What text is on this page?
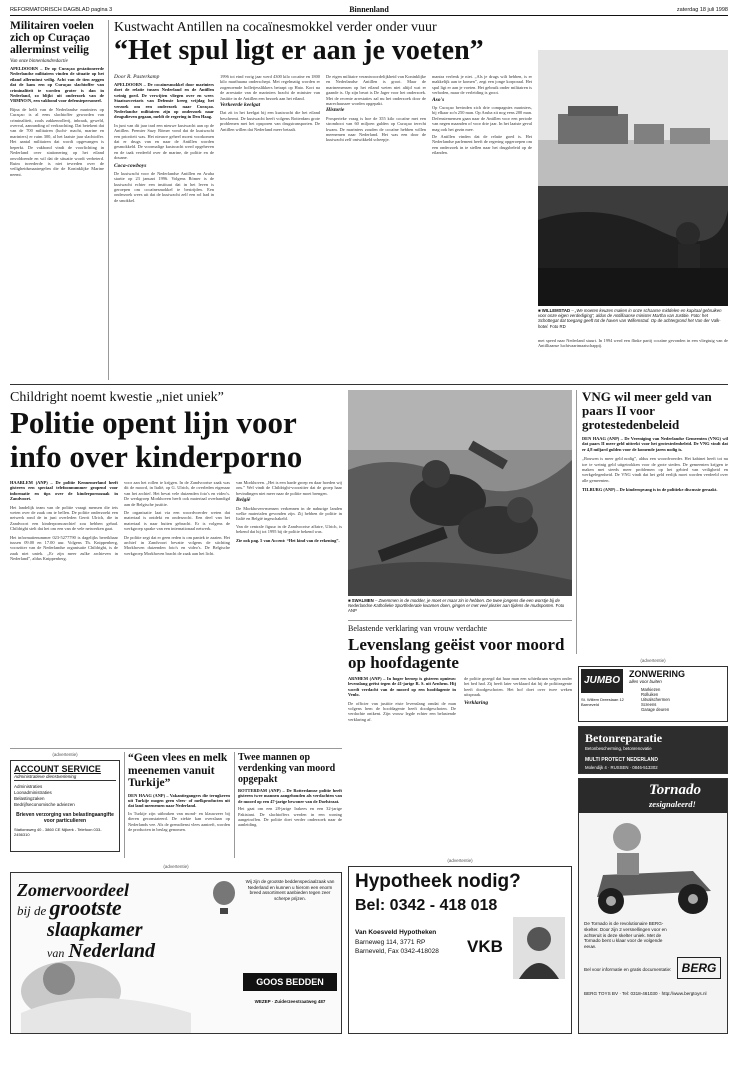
REFORMATORISCH DAGBLAD pagina 3	Binnenland	zaterdag 18 juli 1998
Militairen voelen zich op Curaçao allerminst veilig
Van onze binnenlandredactie
APELDOORN – De op Curaçao gestationeerde Nederlandse militairen vinden de situatie op het eiland allerminst veilig. Acht van de tien zeggen dat de kans een op Curaçao slachtoffer van criminaliteit te worden groter is dan in Nederland, zo blijkt uit onderzoek van de VBMNO/N, een vakbond voor defensiepersoneel.
Bijna de helft van de Nederlandse mariniers op Curaçao is al eens slachtoffer geworden van criminaliteit, zoals zakkenrollerij, inbraak, geweld, overval, aanranding of verkrachting. Dat betekent dat van de 700 militairen (lucht- macht, marine en mariniers) er ruim 300, al het laatste jaar slachtoffer. Het aantal militairen dat wordt opgevangen is beperkt. De vakbond vindt de voorlichting in Nederland over stationering op het eiland onvoldoende en wil dat de situatie wordt verbeterd. Ruim tweederde is niet tevreden over de veiligheidsmaatregelen die de Koninklijke Marine neemt.
Kustwacht Antillen na cocaïnesmokkel verder onder vuur
“Het spul ligt er aan je voeten”
Door R. Pasterkamp
APELDOORN – De cocaïnesmokkel door mariniers doet de relatie tussen Nederland en de Antillen weinig goed. De verwijten vliegen over en weer. Staatssecretaris van Defensie kreeg vrijdag het verzoek om een onderzoek naar Curaçao. Nederlandse militairen zijn op onderzoek naar drugsdieven gegaan, meldt de regering in Den Haag.
In juni van dit jaar trad een nieuwe kustwacht aan op de Antillen. Premier Suzy Römer vond dat de kustwacht een prioriteit was. Het nieuwe geheel moest voorkomen dat er drugs van en naar de Antillen worden gesmokkeld. De voormalige kustwacht werd opgeheven en de taak verdeeld over de marine, de politie en de douane.
Coca-cowboys
De kustwacht voor de Nederlandse Antillen en Aruba startte op 23 januari 1996. Volgens Römer is de kustwacht echter een instituut dat in het leven is geroepen om cocaïnesmokkel te bestrijden. Een onderzoek wees uit dat de kustwacht zelf een rol had in de smokkel.
1996 tot eind vorig jaar werd 4300 kilo cocaïne en 1800 kilo marihuana onderschept. Met regelmatig worden er zogenoemde bolletjesslikkers betrapt op Hato. Kort na de arrestatie van de mariniers bracht de minister van Justitie in de Antillen een bezoek aan het eiland.
Verkeerde keelgat
Dat zit in het keelgat bij een kustwacht die het eiland beschermt. De kustwacht heeft volgens Rotterdam grote problemen met het opsporen van drugstransporten. De Antillen willen dat Nederland meer betaalt.
De eigen militaire verantwoordelijkheid van Koninklijke en Nederlandse Antillen is groot. Maar de marinemensen op het eiland weten niet altijd wat er gaande is. Op zijn beurt is De Jager voor het onderzoek. Met de recente arrestaties zal nu het onderzoek door de marechaussee worden opgepakt.
Historie
Prosperieke vraag is hoe de 355 kilo cocaïne met een stromboot van 60 miljoen gulden op Curaçao terecht kwam. De mariniers zouden de cocaïne hebben willen meenemen naar Nederland. Het was een door de kustwacht zelf ontwikkeld scheepje.
mantra verlenk je niet. „Als je drugs wilt hebben, is er makkelijk aan te komen”, zegt een jonge korporaal. Het spul ligt er aan je voeten. Het gebruik onder militairen is verboden, maar de verleiding is groot.
Aso's
Op Curaçao bevinden zich drie compagnies mariniers, bij elkaar zo'n 250 man. Op Aruba zit nog eens 200 man. Defensiemensen gaan naar de Antillen voor een periode van negen maanden of voor drie jaar. In het laatste geval mag ook het gezin mee.
De Antillen vinden dat de relatie goed is. Het Nederlandse parlement heeft de regering opgeroepen om een onderzoek in te stellen naar het drugsbeleid op de eilanden.
■ WILLEMSTAD – „We moeten keuzes maken in onze schaarse middelen en kapitaal gebruiken voor onze eigen verdediging”, aldus de Antilliaanse minister Martha van Justitie. Foto: het Schottegat dat toegang geeft tot de haven van Willemstad. Op de achtergrond het Van der Valk-hotel. Foto RD
met speed naar Nederland stuurt. In 1994 werd een flinke partij cocaïne gevonden in een vliegtuig van de Antilliaanse luchtvaartmaatschappij.
Childright noemt kwestie „niet uniek”
Politie opent lijn voor info over kinderporno
HAARLEM (ANP) – De politie Kennemerland heeft gisteren een speciaal telefoonnummer geopend voor informatie en tips over de kinderpornozaak in Zandvoort.
Het landelijk team van de politie vraagt mensen die iets weten over de zaak om te bellen. De politie onderzoekt een netwerk rond de in juni overleden Gerrit Ulrich, die in Zandvoort een kinderpornoarchief zou hebben gehad. Childright stelt dat het om een van de vele netwerken gaat.
Het informatienummer 023-5277790 is dagelijks bereikbaar tussen 09.00 en 17.00 uur. Volgens Th. Knippenberg, voorzitter van de Nederlandse organisatie Childright, is de zaak niet uniek. „Er zijn meer zulke archieven in Nederland”, aldus Knippenberg.
voor aan het rollen te krijgen. In de Zandvoortse zaak was dit de moord, in Italië, op G. Ulrich, de overleden eigenaar van het archief. Het bevat vele duizenden foto's en video's. De werkgroep Morkhoven heeft ook materiaal overhandigd aan de Belgische justitie.
De organisatie laat via een woordvoerder weten dat materiaal is ontdekt en onderzocht. Een deel van het materiaal is naar buiten gebracht. Er is volgens de werkgroep sprake van een internationaal netwerk.
De politie zegt dat er geen reden is om paniek te zaaien. Het archief in Zandvoort bevatte volgens de stichting Morkhoven duizenden foto's en video's. De Belgische werkgroep Morkhoven bracht de zaak aan het licht.
van Morkhoven. „Het is een harde groep en daar hoeden wij ons.” Wel vindt de Childright-voorzitter dat de groep haar bevindingen niet meer naar de politie moet brengen.
België
De Morkhoven-mensen verkennen in de naburige landen welke materialen gevonden zijn. Zij hebben de politie in Italië en België ingeschakeld.
Van de centrale figuur in de Zandvoortse affaire, Ulrich, is bekend dat hij tot 1995 bij de politie bekend was.
Zie ook pag. 5 van Accent: “Het kind van de rekening”.
■ SWALMEN – Zwemmen in de modder, je moet er maar zin in hebben. De twee jongens die een worstje bij de Nederlandse Katholieke Sportfederatie kwamen doen, gingen er met veel plezier aan tijdens de mudsporten. Foto ANP
VNG wil meer geld van paars II voor grotestedenbeleid
DEN HAAG (ANP) – De Vereniging van Nederlandse Gemeenten (VNG) wil dat paars II meer geld uittrekt voor het grotestedenbeleid. De VNG vindt dat er 4,8 miljard gulden voor de komende jaren nodig is.
„Bouwen is meer geld nodig”, aldus een woordvoerder. Het kabinet heeft tot nu toe te weinig geld uitgetrokken voor de grote steden. De gemeenten krijgen te maken met steeds meer problemen op het gebied van veiligheid en werkgelegenheid. De VNG vindt dat het geld eerlijk moet worden verdeeld over alle gemeenten.
TILBURG (ANP) – De kinderopvang is in de politieke discussie geraakt.
Belastende verklaring van vrouw verdachte
Levenslang geëist voor moord op hoofdagente
ARNHEM (ANP) – In hoger beroep is gisteren opnieuw levenslang geëist tegen de 41-jarige R. S. uit Arnhem. Hij wordt verdacht van de moord op een hoofdagente in Venlo.
De officier van justitie eiste levenslang omdat de man volgens hem de hoofdagente heeft doodgeschoten. De verdachte ontkent. Zijn vrouw legde echter een belastende verklaring af.
de politie gezegd dat haar man een schietkraan wegen onder het bed had. Zij heeft later verklaard dat hij de politieagente heeft doodgeschoten. Het hof doet over twee weken uitspraak.
Verklaring
(advertentie)
ACCOUNT SERVICE
Administratieve dienstverlening
Administraties
Loonadministraties
Belastingzaken
Bedrijfseconomische adviezen
Brieven verzorging van belastingaangifte voor particulieren
Stationsweg 40 - 3860 CE Nijkerk - Telefoon 033-2456310
“Geen vlees en melk meenemen vanuit Turkije”
DEN HAAG (ANP) – Vakantiegangers die terugkeren uit Turkije mogen geen vlees- of melkproducten uit dat land meenemen naar Nederland.
In Turkije zijn uitbraken van mond- en klauwzeer bij dieren geconstateerd. De ziekte kan overslaan op Nederlands vee. Als de grensdienst vlees aantreft, worden de producten in beslag genomen.
Twee mannen op verdenking van moord opgepakt
ROTTERDAM (ANP) – De Rotterdamse politie heeft gisteren twee mannen aangehouden als verdachten van de moord op een 47-jarige bewoner van de Doelstraat.
Het gaat om een 28-jarige Irakees en een 32-jarige Pakistani. De slachtoffers werden in een woning aangetroffen. De politie doet verder onderzoek naar de aanleiding.
(advertentie)
Zomervoordeel
bij de grootste
slaapkamer
van Nederland
Wij zijn de grootste beddenspeciaalzaak van Nederland en kunnen u hierom een enorm breed assortiment aanbieden tegen zeer scherpe prijzen.
GOOS BEDDEN
WEZEP · Zuiderzeestraatweg 487
(advertentie)
JUMBO
ZONWERING
alles voor buiten
Markiezen
Rolluiken
Uitvalschermen
Screens
Garage deuren
St. Willem Dreeslaan 12 Barneveld
Betonreparatie
Betonbescherming, betonrenovatie
MULTI PROTECT NEDERLAND
Molendijk 4 · RUSSEN · 0846-513302
Tornado
zesignaleerd!
De Tornado is de revolutionaire BERG-skelter. Door zijn 2 versnellingen voor en achteruit is deze skelter uniek. Met de Tornado bent u klaar voor de volgende eeuw.
Bel voor informatie en gratis documentatie: BERG
BERG TOYS BV · Tel: 0318-461030 · http://www.bergtoys.nl
(advertentie)
Hypotheek nodig?
Bel: 0342 - 418 018
Van Koesveld Hypotheken
Barneweg 114, 3771 RP
Barneveld, Fax 0342-418028 VKB
